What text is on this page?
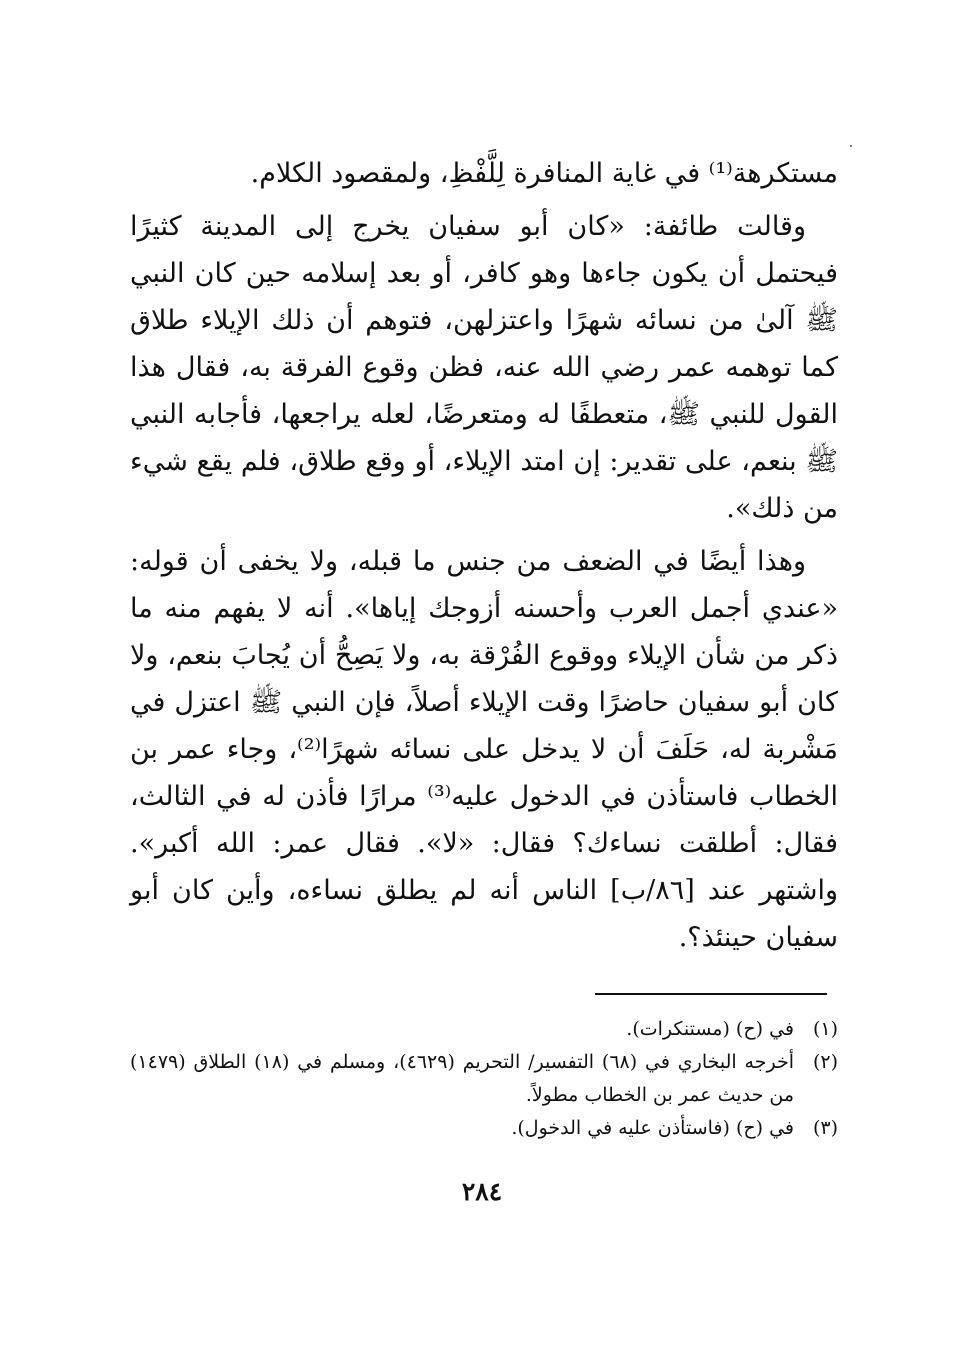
مستكرهة⁽¹⁾ في غاية المنافرة لِلَّفْظِ، ولمقصود الكلام.

وقالت طائفة: «كان أبو سفيان يخرج إلى المدينة كثيرًا فيحتمل أن يكون جاءها وهو كافر، أو بعد إسلامه حين كان النبي ﷺ آلىٰ من نسائه شهرًا واعتزلهن، فتوهم أن ذلك الإيلاء طلاق كما توهمه عمر رضي الله عنه، فظن وقوع الفرقة به، فقال هذا القول للنبي ﷺ، متعطفًا له ومتعرضًا، لعله يراجعها، فأجابه النبي ﷺ بنعم، على تقدير: إن امتد الإيلاء، أو وقع طلاق، فلم يقع شيء من ذلك».

وهذا أيضًا في الضعف من جنس ما قبله، ولا يخفى أن قوله: «عندي أجمل العرب وأحسنه أزوجك إياها». أنه لا يفهم منه ما ذكر من شأن الإيلاء ووقوع الفُرْقة به، ولا يَصِحُّ أن يُجابَ بنعم، ولا كان أبو سفيان حاضرًا وقت الإيلاء أصلاً، فإن النبي ﷺ اعتزل في مَشْربة له، حَلَفَ أن لا يدخل على نسائه شهرًا⁽²⁾، وجاء عمر بن الخطاب فاستأذن في الدخول عليه⁽³⁾ مرارًا فأذن له في الثالث، فقال: أطلقت نساءك؟ فقال: «لا». فقال عمر: الله أكبر». واشتهر عند [٨٦/ب] الناس أنه لم يطلق نساءه، وأين كان أبو سفيان حينئذ؟.

(١)
في (ح) (مستنكرات).
(٢)
أخرجه البخاري في (٦٨) التفسير/ التحريم (٤٦٢٩)، ومسلم في (١٨) الطلاق (١٤٧٩) من حديث عمر بن الخطاب مطولاً.
(٣)
في (ح) (فاستأذن عليه في الدخول).
٢٨٤
